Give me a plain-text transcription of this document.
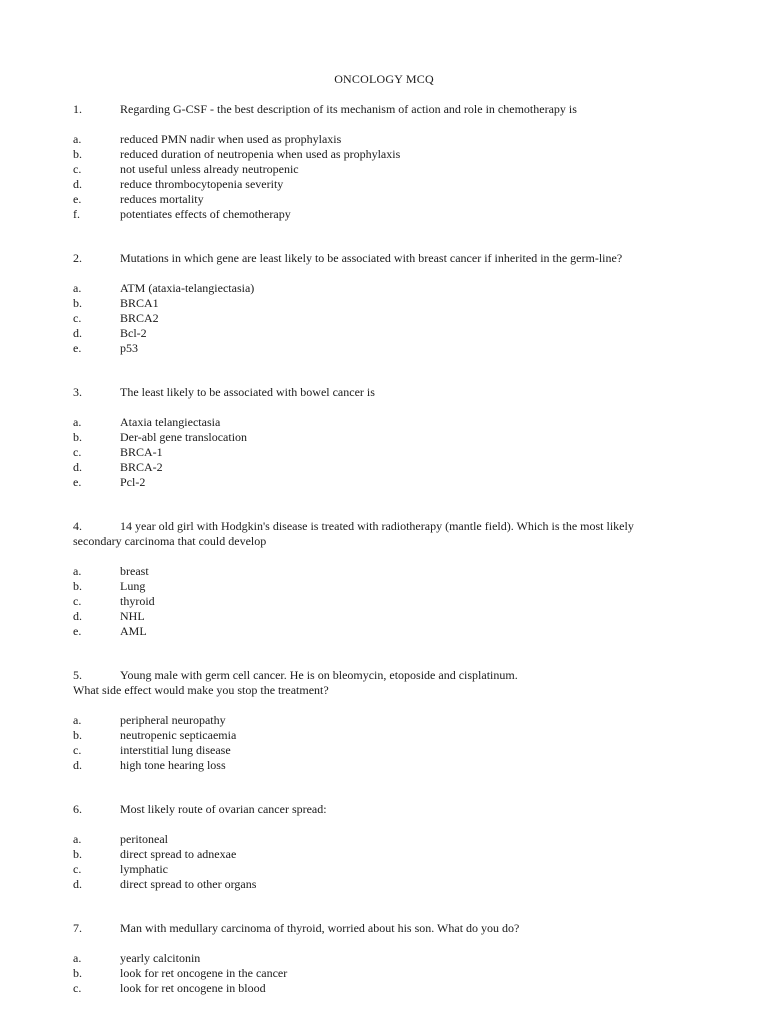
ONCOLOGY MCQ
1.	Regarding G-CSF - the best description of its mechanism of action and role in chemotherapy is
a.	reduced PMN nadir when used as prophylaxis
b.	reduced duration of neutropenia when used as prophylaxis
c.	not useful unless already neutropenic
d.	reduce thrombocytopenia severity
e.	reduces mortality
f.	potentiates effects of chemotherapy
2.	Mutations in which gene are least likely to be associated with breast cancer if inherited in the germ-line?
a.	ATM (ataxia-telangiectasia)
b.	BRCA1
c.	BRCA2
d.	Bcl-2
e.	p53
3.	The least likely to be associated with bowel cancer is
a.	Ataxia telangiectasia
b.	Der-abl gene translocation
c.	BRCA-1
d.	BRCA-2
e.	Pcl-2
4.	14 year old girl with Hodgkin's disease is treated with radiotherapy (mantle field). Which is the most likely
secondary carcinoma that could develop
a.	breast
b.	Lung
c.	thyroid
d.	NHL
e.	AML
5.	Young male with germ cell cancer. He is on bleomycin, etoposide and cisplatinum.
What side effect would make you stop the treatment?
a.	peripheral neuropathy
b.	neutropenic septicaemia
c.	interstitial lung disease
d.	high tone hearing loss
6.	Most likely route of ovarian cancer spread:
a.	peritoneal
b.	direct spread to adnexae
c.	lymphatic
d.	direct spread to other organs
7.	Man with medullary carcinoma of thyroid, worried about his son. What do you do?
a.	yearly calcitonin
b.	look for ret oncogene in the cancer
c.	look for ret oncogene in blood
